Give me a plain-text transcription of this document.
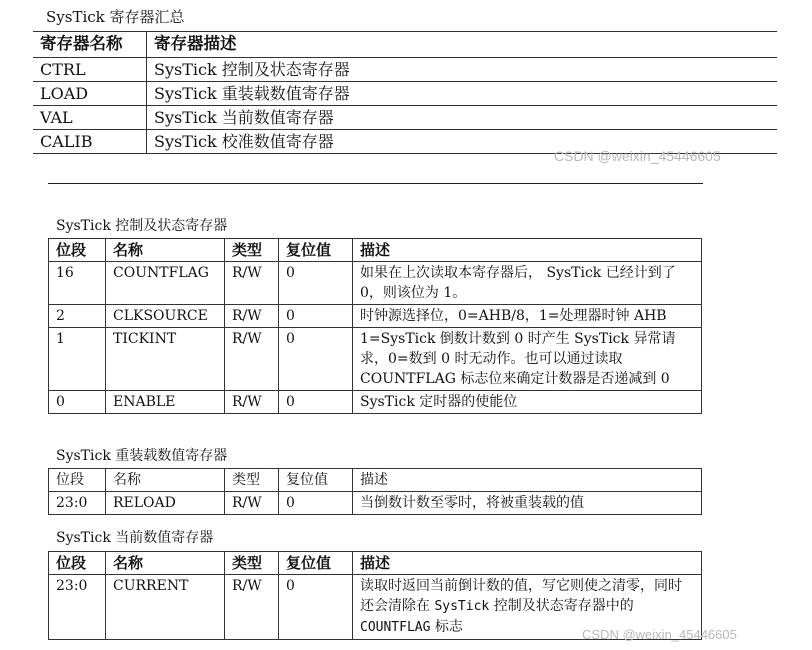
SysTick 寄存器汇总
寄存器名称	寄存器描述
CTRL	SysTick 控制及状态寄存器
LOAD	SysTick 重装载数值寄存器
VAL	SysTick 当前数值寄存器
CALIB	SysTick 校准数值寄存器
CSDN @weixin_45446605
SysTick 控制及状态寄存器
位段	名称	类型	复位值	描述
16	COUNTFLAG	R/W	0	如果在上次读取本寄存器后， SysTick 已经计到了 0，则该位为 1。
2	CLKSOURCE	R/W	0	时钟源选择位，0=AHB/8，1=处理器时钟 AHB
1	TICKINT	R/W	0	1=SysTick 倒数计数到 0 时产生 SysTick 异常请求，0=数到 0 时无动作。也可以通过读取 COUNTFLAG 标志位来确定计数器是否递减到 0
0	ENABLE	R/W	0	SysTick 定时器的使能位
SysTick 重装载数值寄存器
位段	名称	类型	复位值	描述
23:0	RELOAD	R/W	0	当倒数计数至零时，将被重装载的值
SysTick 当前数值寄存器
位段	名称	类型	复位值	描述
23:0	CURRENT	R/W	0	读取时返回当前倒计数的值，写它则使之清零，同时还会清除在 SysTick 控制及状态寄存器中的 COUNTFLAG 标志	CSDN @weixin_45446605
